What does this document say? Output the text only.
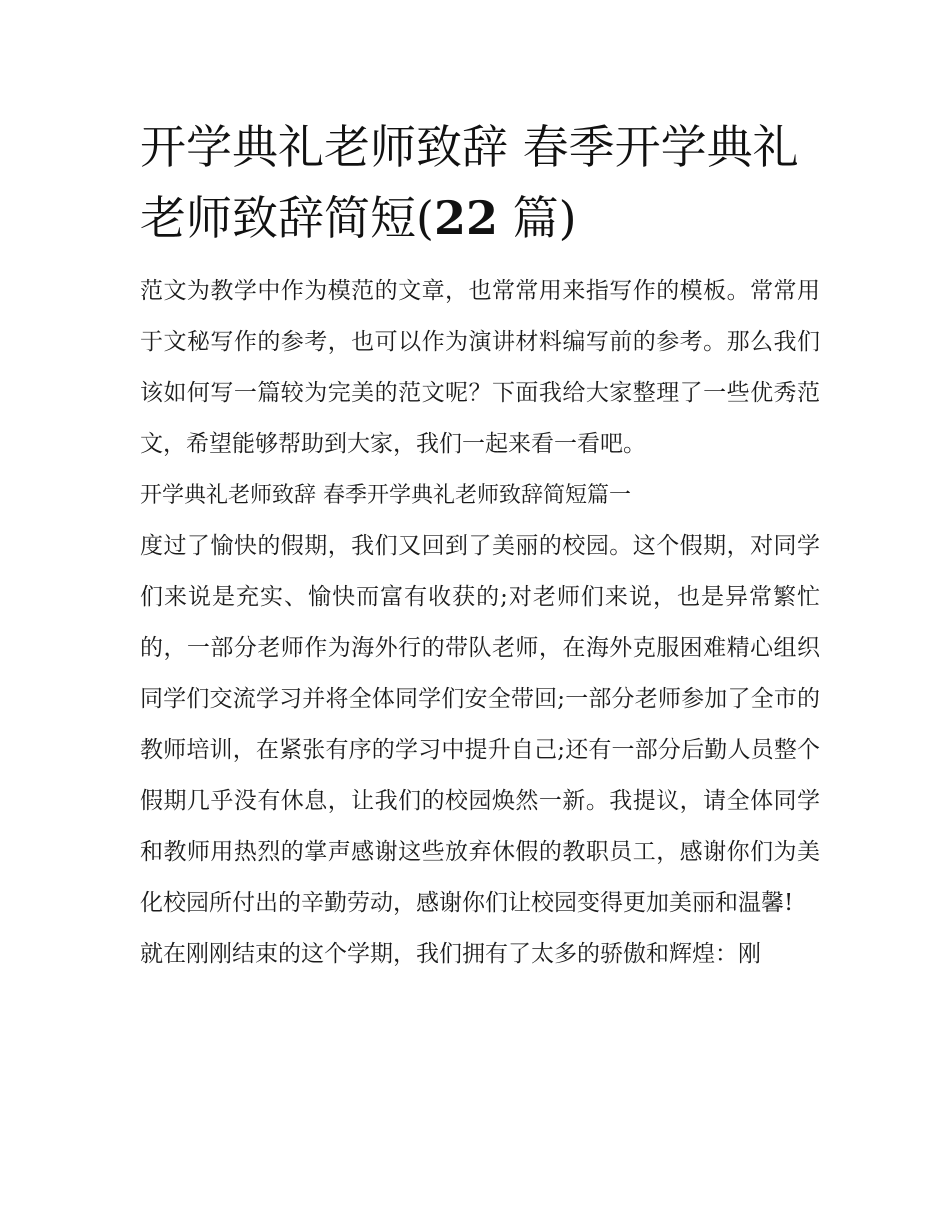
开学典礼老师致辞 春季开学典礼老师致辞简短(22 篇)

范文为教学中作为模范的文章，也常常用来指写作的模板。常常用于文秘写作的参考，也可以作为演讲材料编写前的参考。那么我们该如何写一篇较为完美的范文呢？下面我给大家整理了一些优秀范文，希望能够帮助到大家，我们一起来看一看吧。

开学典礼老师致辞 春季开学典礼老师致辞简短篇一

度过了愉快的假期，我们又回到了美丽的校园。这个假期，对同学们来说是充实、愉快而富有收获的;对老师们来说，也是异常繁忙的，一部分老师作为海外行的带队老师，在海外克服困难精心组织同学们交流学习并将全体同学们安全带回;一部分老师参加了全市的教师培训，在紧张有序的学习中提升自己;还有一部分后勤人员整个假期几乎没有休息，让我们的校园焕然一新。我提议，请全体同学和教师用热烈的掌声感谢这些放弃休假的教职员工，感谢你们为美化校园所付出的辛勤劳动，感谢你们让校园变得更加美丽和温馨!

就在刚刚结束的这个学期，我们拥有了太多的骄傲和辉煌：刚
